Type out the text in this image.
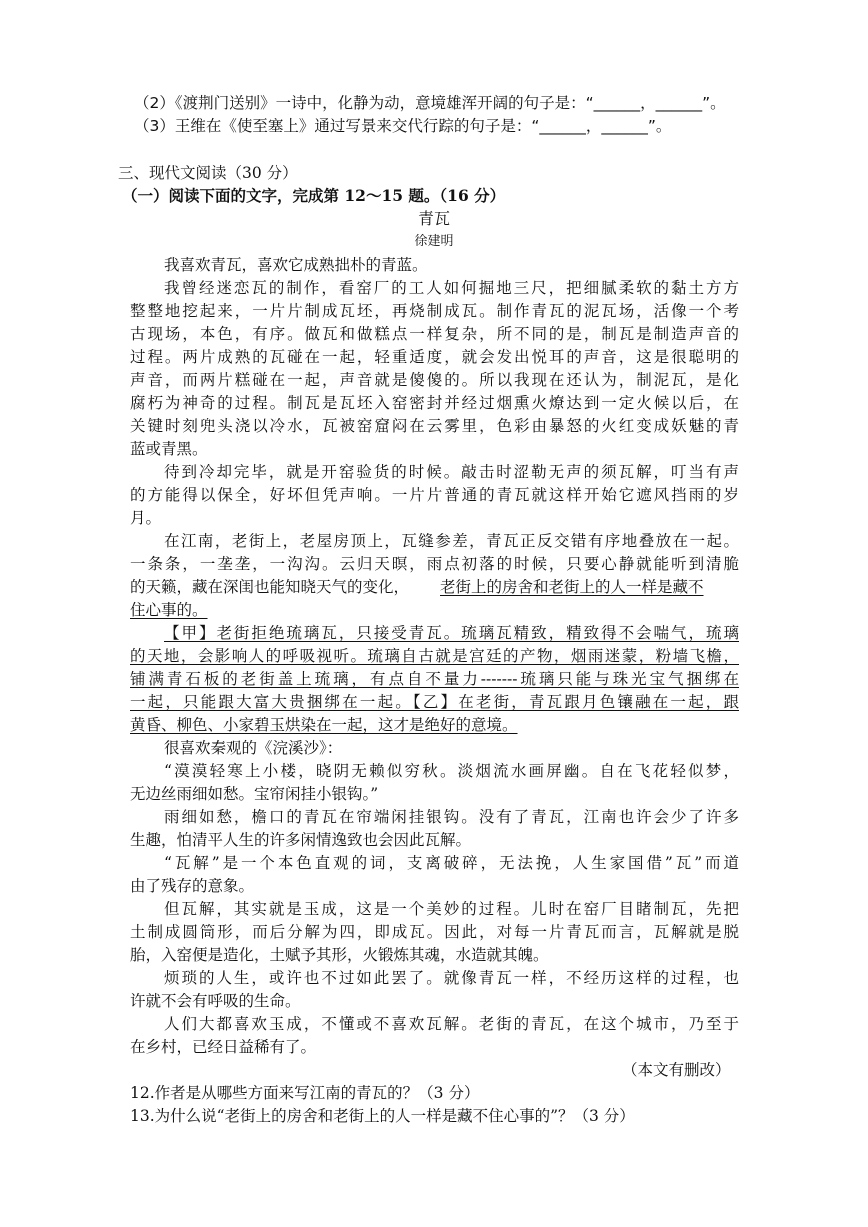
（2）《渡荆门送别》一诗中，化静为动，意境雄浑开阔的句子是：“______，______”。
（3）王维在《使至塞上》通过写景来交代行踪的句子是：“______，______”。
三、现代文阅读（30 分）
（一）阅读下面的文字，完成第 12～15 题。（16 分）
青瓦
徐建明
我喜欢青瓦，喜欢它成熟拙朴的青蓝。
我曾经迷恋瓦的制作，看窑厂的工人如何掘地三尺，把细腻柔软的黏土方方
整整地挖起来，一片片制成瓦坯，再烧制成瓦。制作青瓦的泥瓦场，活像一个考
古现场，本色，有序。做瓦和做糕点一样复杂，所不同的是，制瓦是制造声音的
过程。两片成熟的瓦碰在一起，轻重适度，就会发出悦耳的声音，这是很聪明的
声音，而两片糕碰在一起，声音就是傻傻的。所以我现在还认为，制泥瓦，是化
腐朽为神奇的过程。制瓦是瓦坯入窑密封并经过烟熏火燎达到一定火候以后，在
关键时刻兜头浇以冷水，瓦被窑窟闷在云雾里，色彩由暴怒的火红变成妖魅的青
蓝或青黑。
待到冷却完毕，就是开窑验货的时候。敲击时涩勒无声的须瓦解，叮当有声
的方能得以保全，好坏但凭声响。一片片普通的青瓦就这样开始它遮风挡雨的岁
月。
在江南，老街上，老屋房顶上，瓦缝参差，青瓦正反交错有序地叠放在一起。
一条条，一垄垄，一沟沟。云归天暝，雨点初落的时候，只要心静就能听到清脆
的天籁，藏在深闺也能知晓天气的变化， 老街上的房舍和老街上的人一样是藏不
住心事的。
【甲】老街拒绝琉璃瓦，只接受青瓦。琉璃瓦精致，精致得不会喘气，琉璃
的天地，会影响人的呼吸视听。琉璃自古就是宫廷的产物，烟雨迷蒙，粉墙飞檐，
铺满青石板的老街盖上琉璃，有点自不量力-------琉璃只能与珠光宝气捆绑在
一起，只能跟大富大贵捆绑在一起。【乙】在老街，青瓦跟月色镶融在一起，跟
黄昏、柳色、小家碧玉烘染在一起，这才是绝好的意境。
很喜欢秦观的《浣溪沙》：
“漠漠轻寒上小楼，晓阴无赖似穷秋。淡烟流水画屏幽。自在飞花轻似梦，
无边丝雨细如愁。宝帘闲挂小银钩。”
雨细如愁，檐口的青瓦在帘端闲挂银钩。没有了青瓦，江南也许会少了许多
生趣，怕清平人生的许多闲情逸致也会因此瓦解。
“瓦解”是一个本色直观的词，支离破碎，无法挽，人生家国借”瓦”而道
由了残存的意象。
但瓦解，其实就是玉成，这是一个美妙的过程。儿时在窑厂目睹制瓦，先把
土制成圆筒形，而后分解为四，即成瓦。因此，对每一片青瓦而言，瓦解就是脱
胎，入窑便是造化，土赋予其形，火锻炼其魂，水造就其魄。
烦琐的人生，或许也不过如此罢了。就像青瓦一样，不经历这样的过程，也
许就不会有呼吸的生命。
人们大都喜欢玉成，不懂或不喜欢瓦解。老街的青瓦，在这个城市，乃至于
在乡村，已经日益稀有了。
（本文有删改）
12.作者是从哪些方面来写江南的青瓦的？（3 分）
13.为什么说“老街上的房舍和老街上的人一样是藏不住心事的”？（3 分）
